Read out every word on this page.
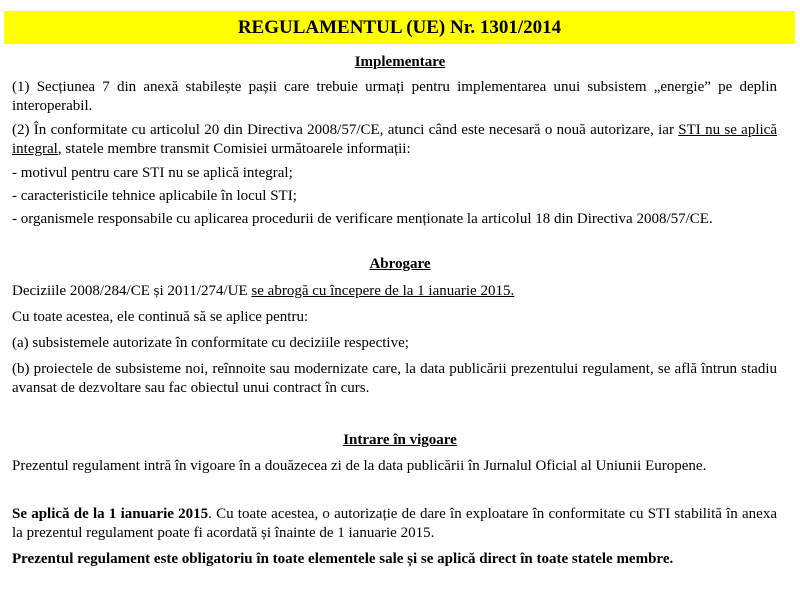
REGULAMENTUL (UE) Nr. 1301/2014
Implementare
(1) Secțiunea 7 din anexă stabilește pașii care trebuie urmați pentru implementarea unui subsistem „energie” pe deplin interoperabil.
(2) În conformitate cu articolul 20 din Directiva 2008/57/CE, atunci când este necesară o nouă autorizare, iar STI nu se aplică integral, statele membre transmit Comisiei următoarele informații:
- motivul pentru care STI nu se aplică integral;
- caracteristicile tehnice aplicabile în locul STI;
- organismele responsabile cu aplicarea procedurii de verificare menționate la articolul 18 din Directiva 2008/57/CE.
Abrogare
Deciziile 2008/284/CE și 2011/274/UE se abrogă cu începere de la 1 ianuarie 2015.
Cu toate acestea, ele continuă să se aplice pentru:
(a) subsistemele autorizate în conformitate cu deciziile respective;
(b) proiectele de subsisteme noi, reînnoite sau modernizate care, la data publicării prezentului regulament, se află întrun stadiu avansat de dezvoltare sau fac obiectul unui contract în curs.
Intrare în vigoare
Prezentul regulament intră în vigoare în a douăzecea zi de la data publicării în Jurnalul Oficial al Uniunii Europene.
Se aplică de la 1 ianuarie 2015. Cu toate acestea, o autorizație de dare în exploatare în conformitate cu STI stabilită în anexa la prezentul regulament poate fi acordată și înainte de 1 ianuarie 2015.
Prezentul regulament este obligatoriu în toate elementele sale și se aplică direct în toate statele membre.
